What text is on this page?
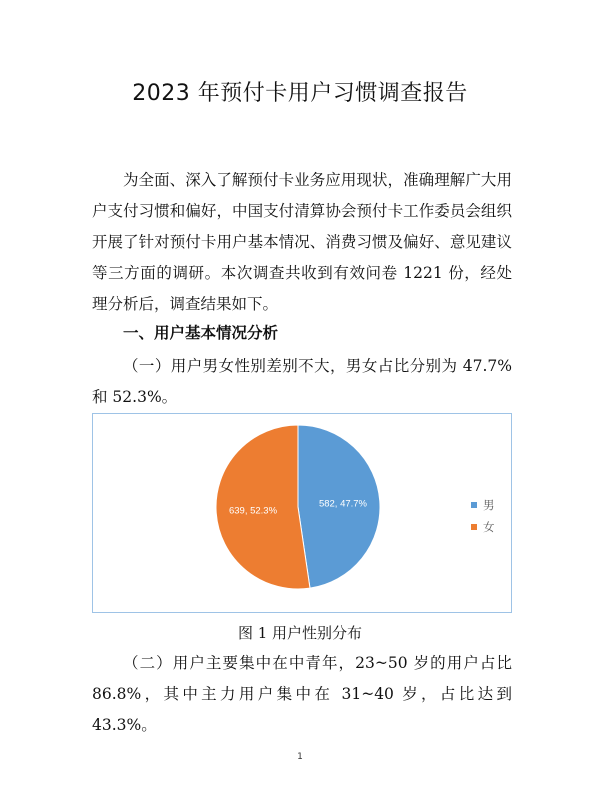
2023 年预付卡用户习惯调查报告
为全面、深入了解预付卡业务应用现状，准确理解广大用户支付习惯和偏好，中国支付清算协会预付卡工作委员会组织开展了针对预付卡用户基本情况、消费习惯及偏好、意见建议等三方面的调研。本次调查共收到有效问卷 1221 份，经处理分析后，调查结果如下。
一、用户基本情况分析
（一）用户男女性别差别不大，男女占比分别为 47.7%和 52.3%。
582, 47.7%
639, 52.3%	男
女
图 1 用户性别分布
（二）用户主要集中在中青年，23~50 岁的用户占比 86.8%，其中主力用户集中在 31~40 岁，占比达到 43.3%。
1
